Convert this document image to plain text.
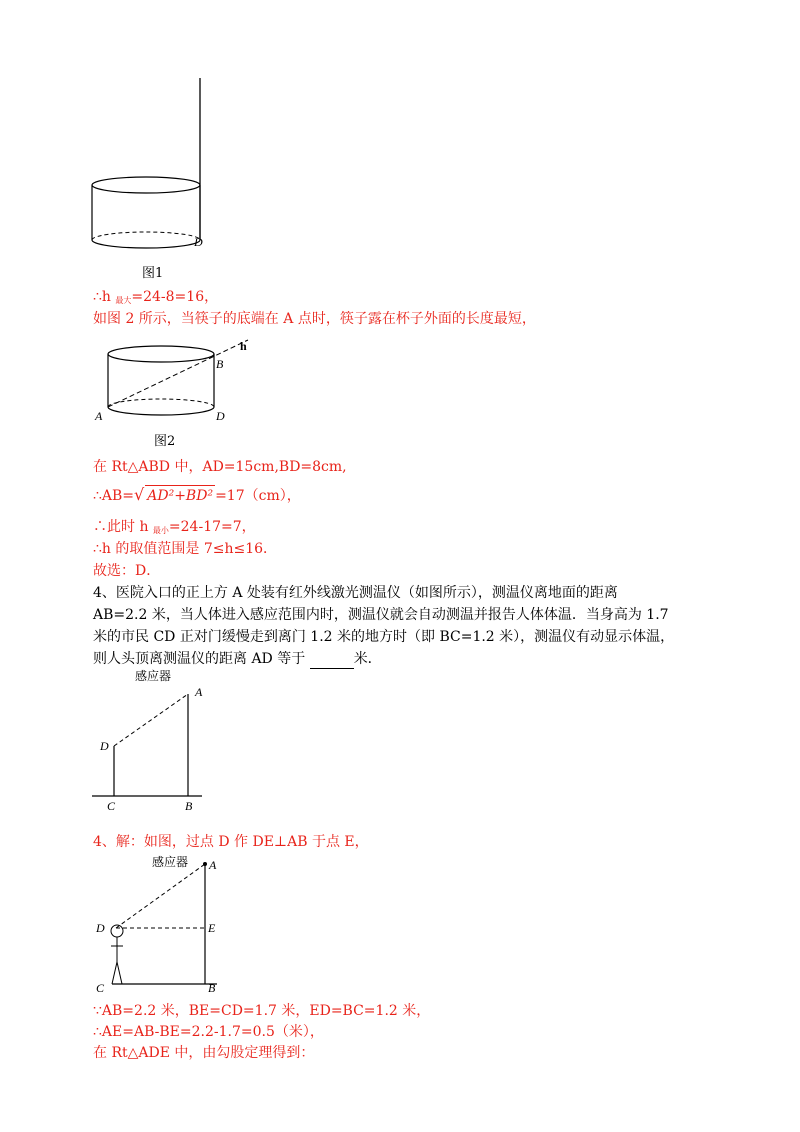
D
图1
∴h 最大=24-8=16，
如图 2 所示，当筷子的底端在 A 点时，筷子露在杯子外面的长度最短，
h
B
A	D
图2
在 Rt△ABD 中，AD=15cm,BD=8cm,
∴AB=√ AD²+BD² =17（cm），
∴此时 h 最小=24-17=7，
∴h 的取值范围是 7≤h≤16．
故选：D．
4、医院入口的正上方 A 处装有红外线激光测温仪（如图所示），测温仪离地面的距离
AB=2.2 米，当人体进入感应范围内时，测温仪就会自动测温并报告人体体温．当身高为 1.7
米的市民 CD 正对门缓慢走到离门 1.2 米的地方时（即 BC=1.2 米），测温仪有动显示体温，
则人头顶离测温仪的距离 AD 等于	米．
感应器
A
D
C	B
4、解：如图，过点 D 作 DE⊥AB 于点 E，
感应器 A
E
D
C	B
∵AB=2.2 米，BE=CD=1.7 米，ED=BC=1.2 米，
∴AE=AB-BE=2.2-1.7=0.5（米），
在 Rt△ADE 中，由勾股定理得到：
